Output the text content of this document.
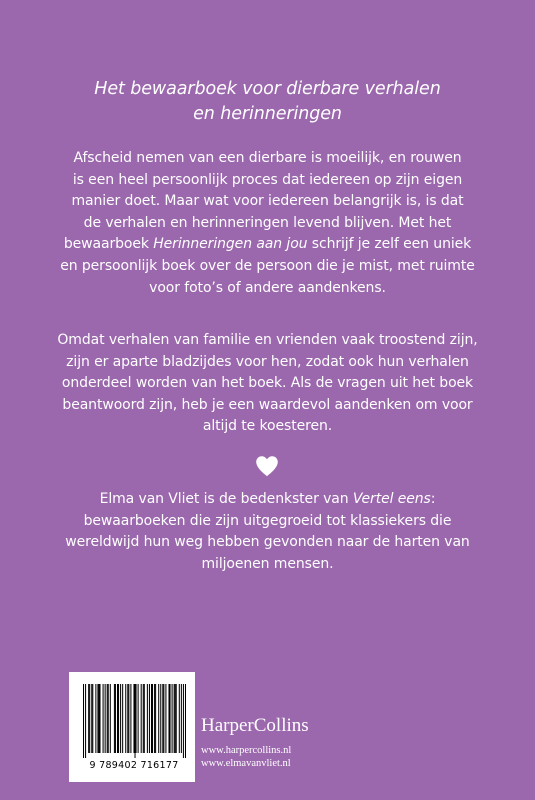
Het bewaarboek voor dierbare verhalen
en herinneringen
Afscheid nemen van een dierbare is moeilijk, en rouwen
is een heel persoonlijk proces dat iedereen op zijn eigen
manier doet. Maar wat voor iedereen belangrijk is, is dat
de verhalen en herinneringen levend blijven. Met het
bewaarboek Herinneringen aan jou schrijf je zelf een uniek
en persoonlijk boek over de persoon die je mist, met ruimte
voor foto’s of andere aandenkens.
Omdat verhalen van familie en vrienden vaak troostend zijn,
zijn er aparte bladzijdes voor hen, zodat ook hun verhalen
onderdeel worden van het boek. Als de vragen uit het boek
beantwoord zijn, heb je een waardevol aandenken om voor
altijd te koesteren.
Elma van Vliet is de bedenkster van Vertel eens:
bewaarboeken die zijn uitgegroeid tot klassiekers die
wereldwijd hun weg hebben gevonden naar de harten van
miljoenen mensen.
9 789402 716177
HarperCollins
www.harpercollins.nl
www.elmavanvliet.nl
